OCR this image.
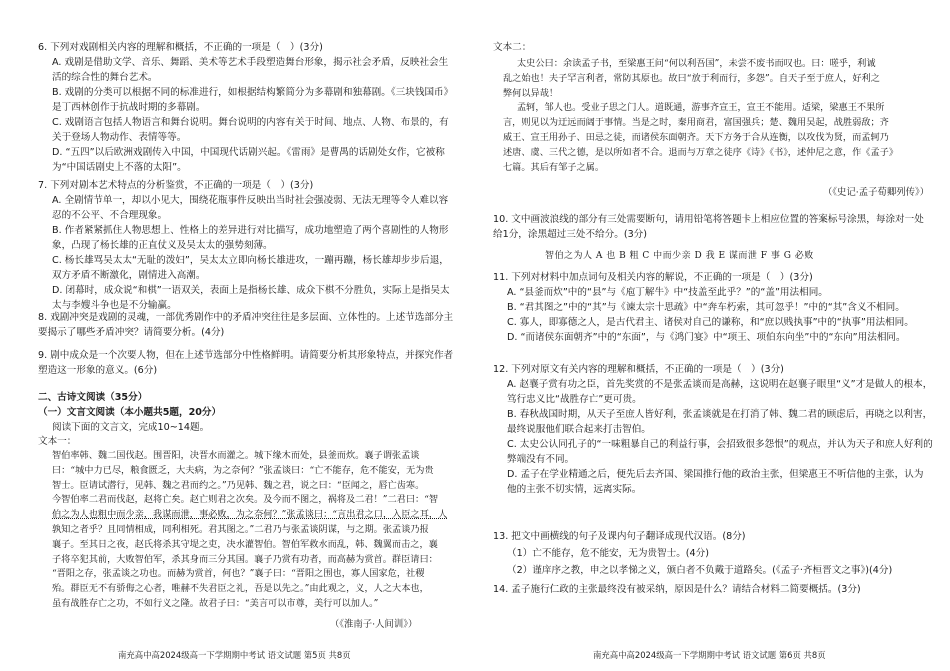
6. 下列对戏剧相关内容的理解和概括，不正确的一项是（　）(3分)
A. 戏剧是借助文学、音乐、舞蹈、美术等艺术手段塑造舞台形象，揭示社会矛盾，反映社会生活的综合性的舞台艺术。
B. 戏剧的分类可以根据不同的标准进行，如根据结构繁简分为多幕剧和独幕剧。《三块钱国币》是丁西林创作于抗战时期的多幕剧。
C. 戏剧语言包括人物语言和舞台说明。舞台说明的内容有关于时间、地点、人物、布景的，有关于登场人物动作、表情等等。
D. “五四”以后欧洲戏剧传入中国，中国现代话剧兴起。《雷雨》是曹禺的话剧处女作，它被称为“中国话剧史上不落的太阳”。
7. 下列对剧本艺术特点的分析鉴赏，不正确的一项是（　）(3分)
A. 全剧情节单一，却以小见大，围绕花瓶事件反映出当时社会强凌弱、无法无理等令人难以容忍的不公平、不合理现象。
B. 作者紧紧抓住人物思想上、性格上的差异进行对比描写，成功地塑造了两个喜剧性的人物形象，凸现了杨长雄的正直仗义及吴太太的强势刻薄。
C. 杨长雄骂吴太太“无耻的泼妇”，吴太太立即向杨长雄进攻，一蹦再蹦，杨长雄却步步后退，双方矛盾不断激化，剧情进入高潮。
D. 闭幕时，成众说“和棋”一语双关，表面上是指杨长雄、成众下棋不分胜负，实际上是指吴太太与李嫂斗争也是不分输赢。
8. 戏剧冲突是戏剧的灵魂，一部优秀剧作中的矛盾冲突往往是多层面、立体性的。上述节选部分主要揭示了哪些矛盾冲突？请简要分析。(4分)
9. 剧中成众是一个次要人物，但在上述节选部分中性格鲜明。请简要分析其形象特点，并探究作者塑造这一形象的意义。(6分)
二、古诗文阅读（35分）
（一）文言文阅读（本小题共5题，20分）
阅读下面的文言文，完成10~14题。
文本一：
智伯率韩、魏二国伐赵。围晋阳，决晋水而灌之。城下缘木而处，县釜而炊。襄子谓张孟谈
曰：“城中力已尽，粮食匮乏，大夫病，为之奈何？”张孟谈曰：“亡不能存，危不能安，无为贵
智士。臣请试潜行，见韩、魏之君而约之。”乃见韩、魏之君，说之曰：“臣闻之，唇亡齿寒。
今智伯率二君而伐赵，赵将亡矣。赵亡则君之次矣。及今而不图之，祸将及二君！”二君曰：“智
伯之为人也粗中而少亲，我谋而泄，事必败，为之奈何？”张孟谈曰：“言出君之口，入臣之耳，人
孰知之者乎？且同情相成，同利相死。君其图之。”二君乃与张孟谈阴谋，与之期。张孟谈乃报
襄子。至其日之夜，赵氏将杀其守堤之吏，决水灌智伯。智伯军救水而乱，韩、魏翼而击之，襄
子将卒犯其前，大败智伯军，杀其身而三分其国。襄子乃赏有功者，而高赫为赏首。群臣请曰：
“晋阳之存，张孟谈之功也。而赫为赏首，何也？”襄子曰：“晋阳之围也，寡人国家危，社稷
殆。群臣无不有骄侮之心者，唯赫不失君臣之礼，吾是以先之。”由此观之，义，人之大本也，
虽有战胜存亡之功，不如行义之隆。故君子曰：“美言可以市尊，美行可以加人。”
（《淮南子·人间训》）
南充高中高2024级高一下学期期中考试 语文试题 第5页 共8页
文本二：
太史公曰：余读孟子书，至梁惠王问“何以利吾国”，未尝不废书而叹也。曰：嗟乎，利诚
乱之始也！夫子罕言利者，常防其原也。故曰“放于利而行，多怨”。自天子至于庶人，好利之
弊何以异哉！
孟轲，邹人也。受业子思之门人。道既通，游事齐宣王，宣王不能用。适梁，梁惠王不果所
言，则见以为迂远而阔于事情。当是之时，秦用商君，富国强兵；楚、魏用吴起，战胜弱敌；齐
威王、宣王用孙子、田忌之徒，而诸侯东面朝齐。天下方务于合从连衡，以攻伐为贤，而孟轲乃
述唐、虞、三代之德，是以所如者不合。退而与万章之徒序《诗》《书》，述仲尼之意，作《孟子》
七篇。其后有邹子之属。
（《史记·孟子荀卿列传》）
10. 文中画波浪线的部分有三处需要断句，请用铅笔将答题卡上相应位置的答案标号涂黑，每涂对一处给1分，涂黑超过三处不给分。(3分)
智伯之为人 A 也 B 粗 C 中而少亲 D 我 E 谋而泄 F 事 G 必败
11. 下列对材料中加点词句及相关内容的解说，不正确的一项是（　）(3分)
A. “县釜而炊”中的“县”与《庖丁解牛》中“技盖至此乎？”的“盖”用法相同。
B. “君其图之”中的“其”与《谏太宗十思疏》中“奔车朽索，其可忽乎！”中的“其”含义不相同。
C. 寡人，即寡德之人，是古代君主、诸侯对自己的谦称，和“庶以贱执事”中的“执事”用法相同。
D. “而诸侯东面朝齐”中的“东面”，与《鸿门宴》中“项王、项伯东向坐”中的“东向”用法相同。
12. 下列对原文有关内容的理解和概括，不正确的一项是（　）(3分)
A. 赵襄子赏有功之臣，首先奖赏的不是张孟谈而是高赫，这说明在赵襄子眼里“义”才是做人的根本，笃行忠义比“战胜存亡”更可贵。
B. 春秋战国时期，从天子至庶人皆好利，张孟谈就是在打消了韩、魏二君的顾虑后，再晓之以利害，最终说服他们联合起来打击智伯。
C. 太史公认同孔子的“一味粗暴自己的利益行事，会招致很多怨恨”的观点，并认为天子和庶人好利的弊端没有不同。
D. 孟子在学业精通之后，便先后去齐国、梁国推行他的政治主张，但梁惠王不听信他的主张，认为他的主张不切实情，远离实际。
13. 把文中画横线的句子及课内句子翻译成现代汉语。(8分)
（1）亡不能存，危不能安，无为贵智士。(4分)
（2）谨庠序之教，申之以孝悌之义，颁白者不负戴于道路矣。(《孟子·齐桓晋文之事》)(4分)
14. 孟子施行仁政的主张最终没有被采纳，原因是什么？请结合材料二简要概括。(3分)
南充高中高2024级高一下学期期中考试 语文试题 第6页 共8页
